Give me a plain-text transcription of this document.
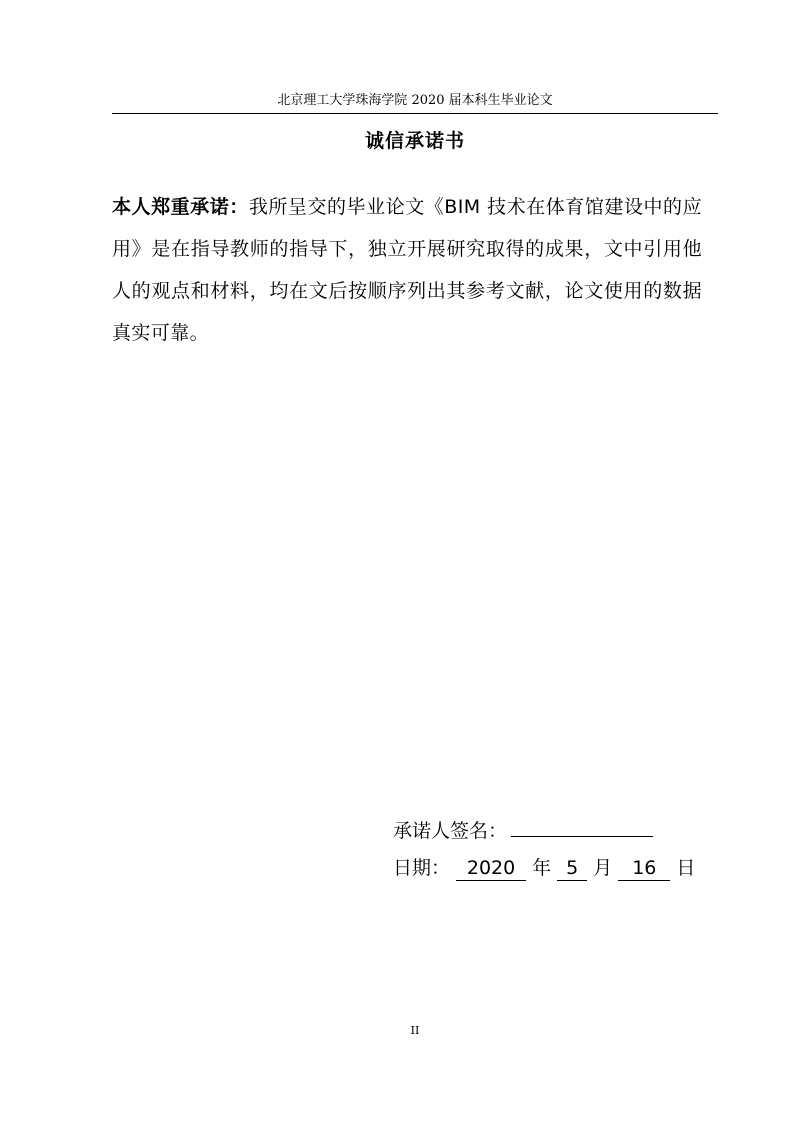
北京理工大学珠海学院 2020 届本科生毕业论文
诚信承诺书
本人郑重承诺：我所呈交的毕业论文《BIM 技术在体育馆建设中的应用》是在指导教师的指导下，独立开展研究取得的成果，文中引用他人的观点和材料，均在文后按顺序列出其参考文献，论文使用的数据真实可靠。
承诺人签名：
日期： 2020 年 5 月 16 日
II
